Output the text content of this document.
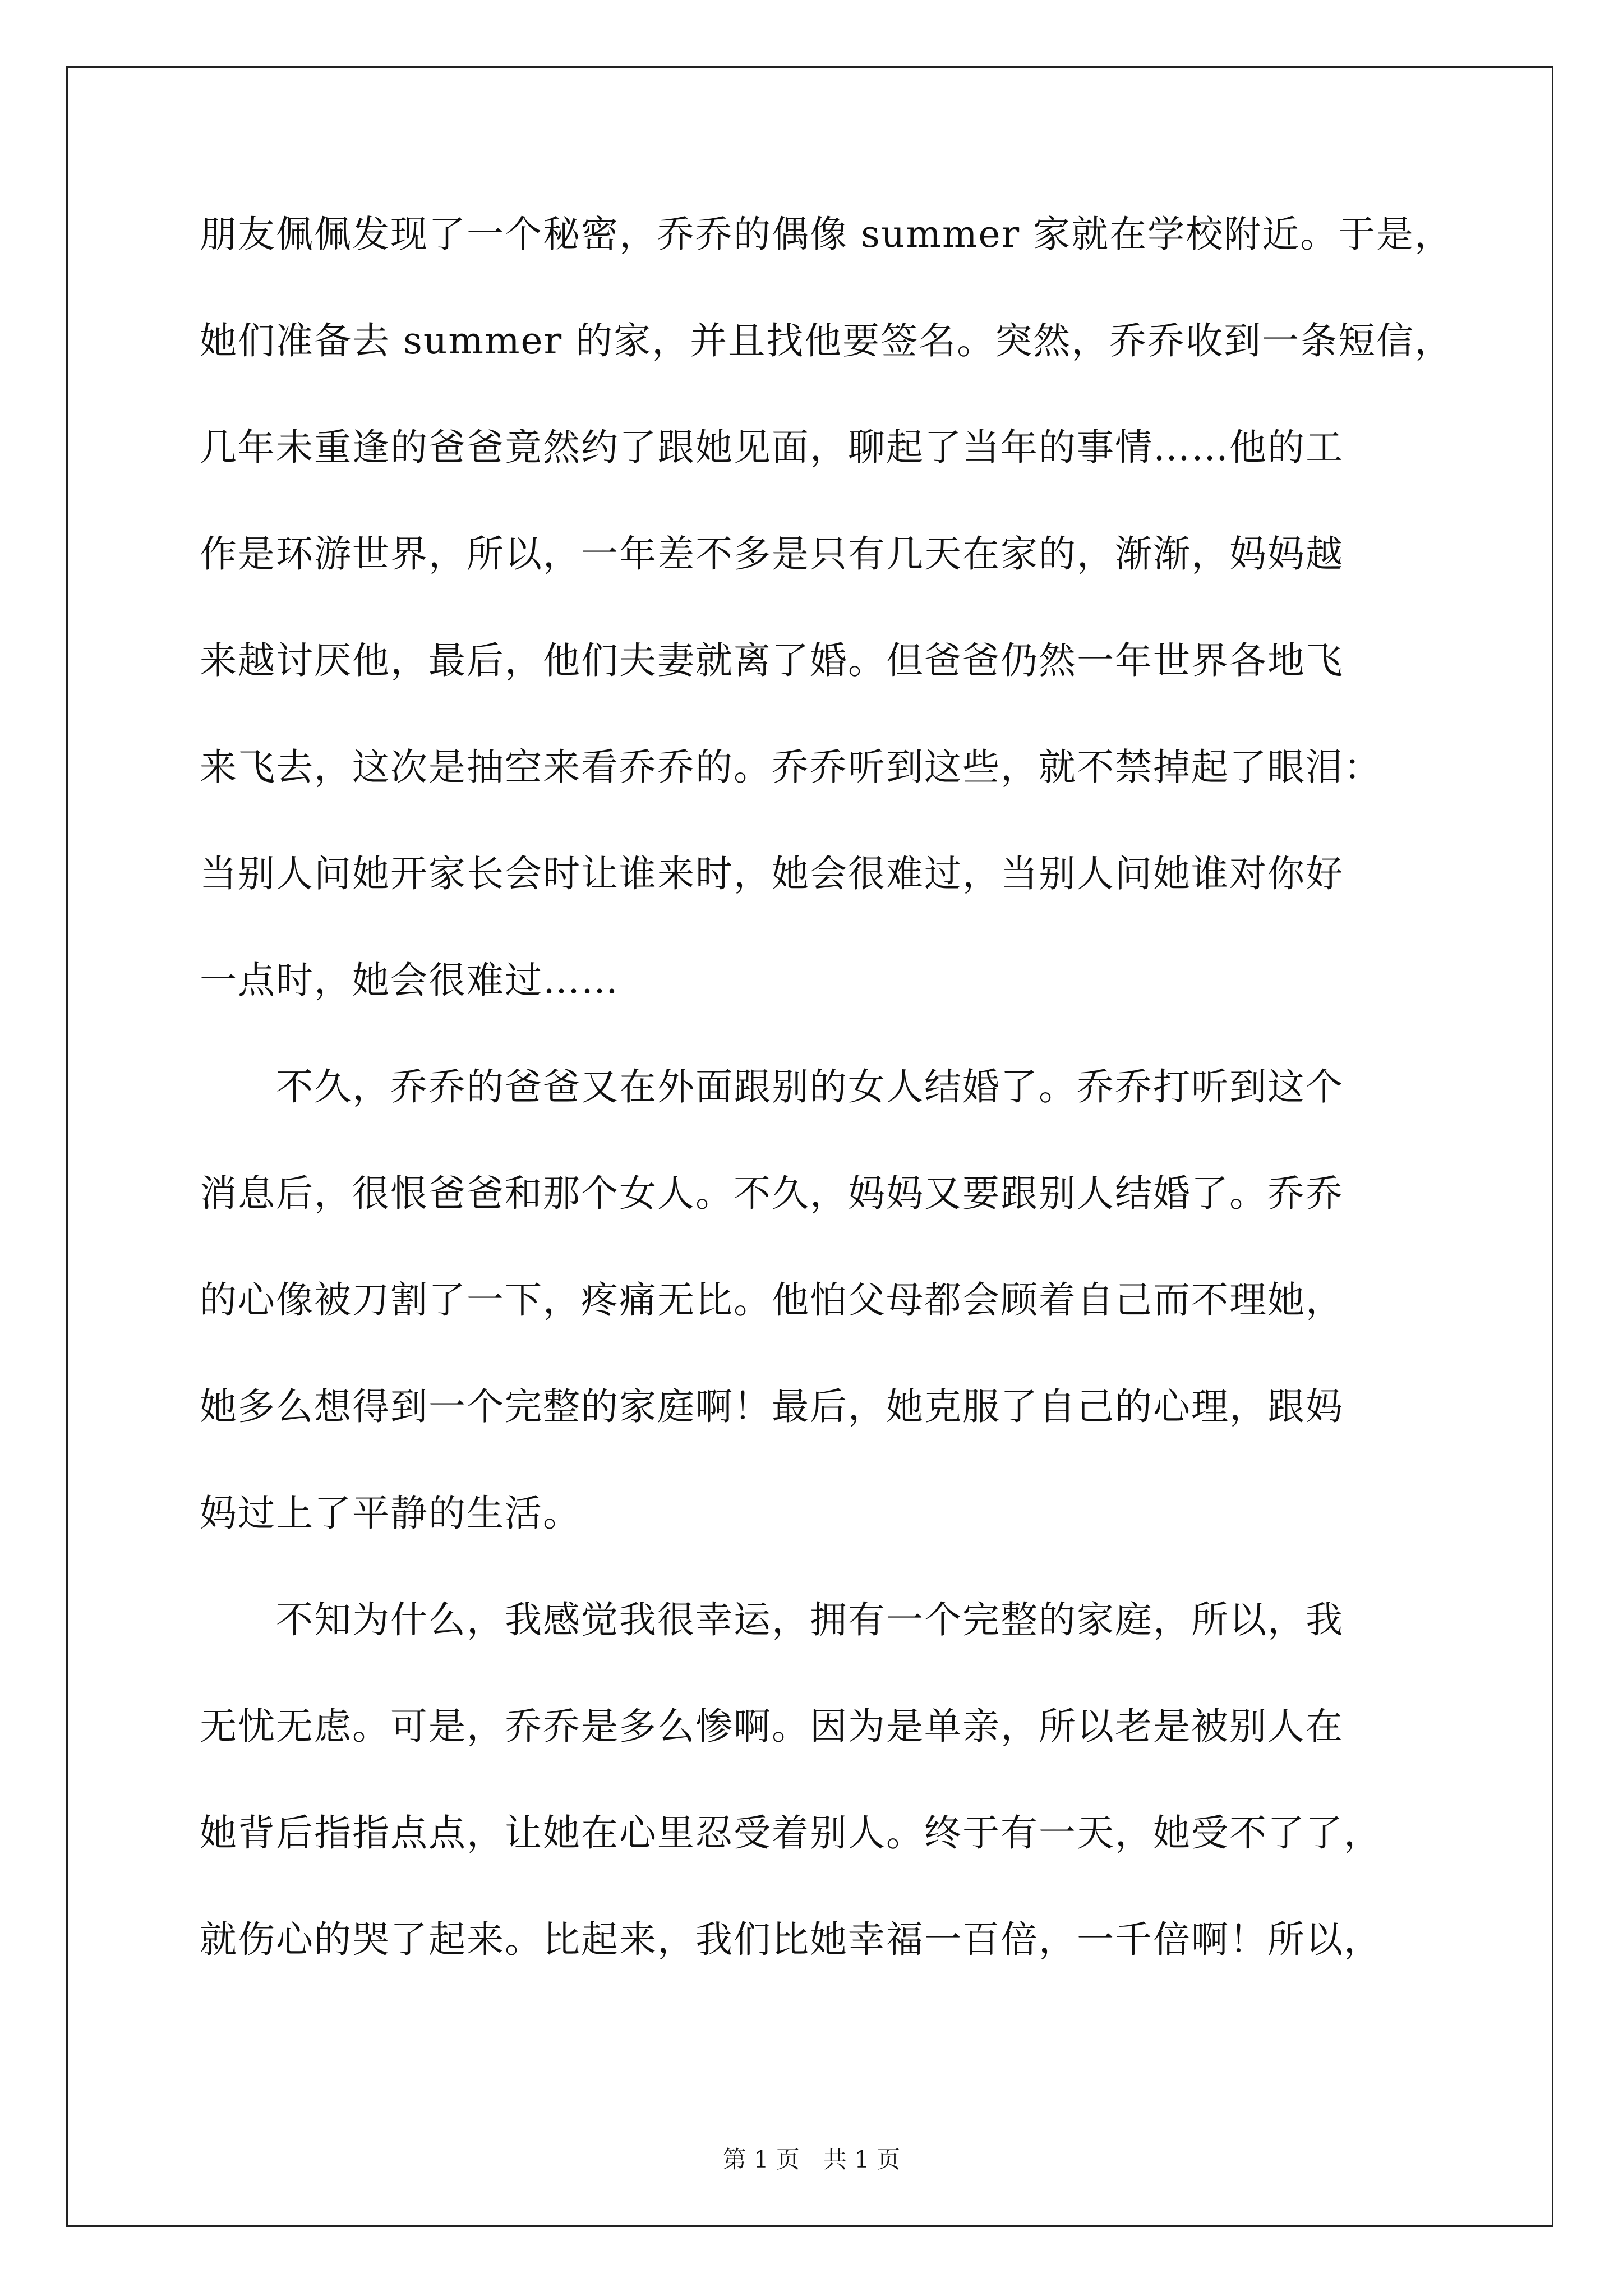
朋友佩佩发现了一个秘密，乔乔的偶像 summer 家就在学校附近。于是，
她们准备去 summer 的家，并且找他要签名。突然，乔乔收到一条短信，
几年未重逢的爸爸竟然约了跟她见面，聊起了当年的事情……他的工
作是环游世界，所以，一年差不多是只有几天在家的，渐渐，妈妈越
来越讨厌他，最后，他们夫妻就离了婚。但爸爸仍然一年世界各地飞
来飞去，这次是抽空来看乔乔的。乔乔听到这些，就不禁掉起了眼泪：
当别人问她开家长会时让谁来时，她会很难过，当别人问她谁对你好
一点时，她会很难过……
　　不久，乔乔的爸爸又在外面跟别的女人结婚了。乔乔打听到这个
消息后，很恨爸爸和那个女人。不久，妈妈又要跟别人结婚了。乔乔
的心像被刀割了一下，疼痛无比。他怕父母都会顾着自己而不理她，
她多么想得到一个完整的家庭啊！最后，她克服了自己的心理，跟妈
妈过上了平静的生活。
　　不知为什么，我感觉我很幸运，拥有一个完整的家庭，所以，我
无忧无虑。可是，乔乔是多么惨啊。因为是单亲，所以老是被别人在
她背后指指点点，让她在心里忍受着别人。终于有一天，她受不了了，
就伤心的哭了起来。比起来，我们比她幸福一百倍，一千倍啊！所以，
第 1 页　共 1 页
